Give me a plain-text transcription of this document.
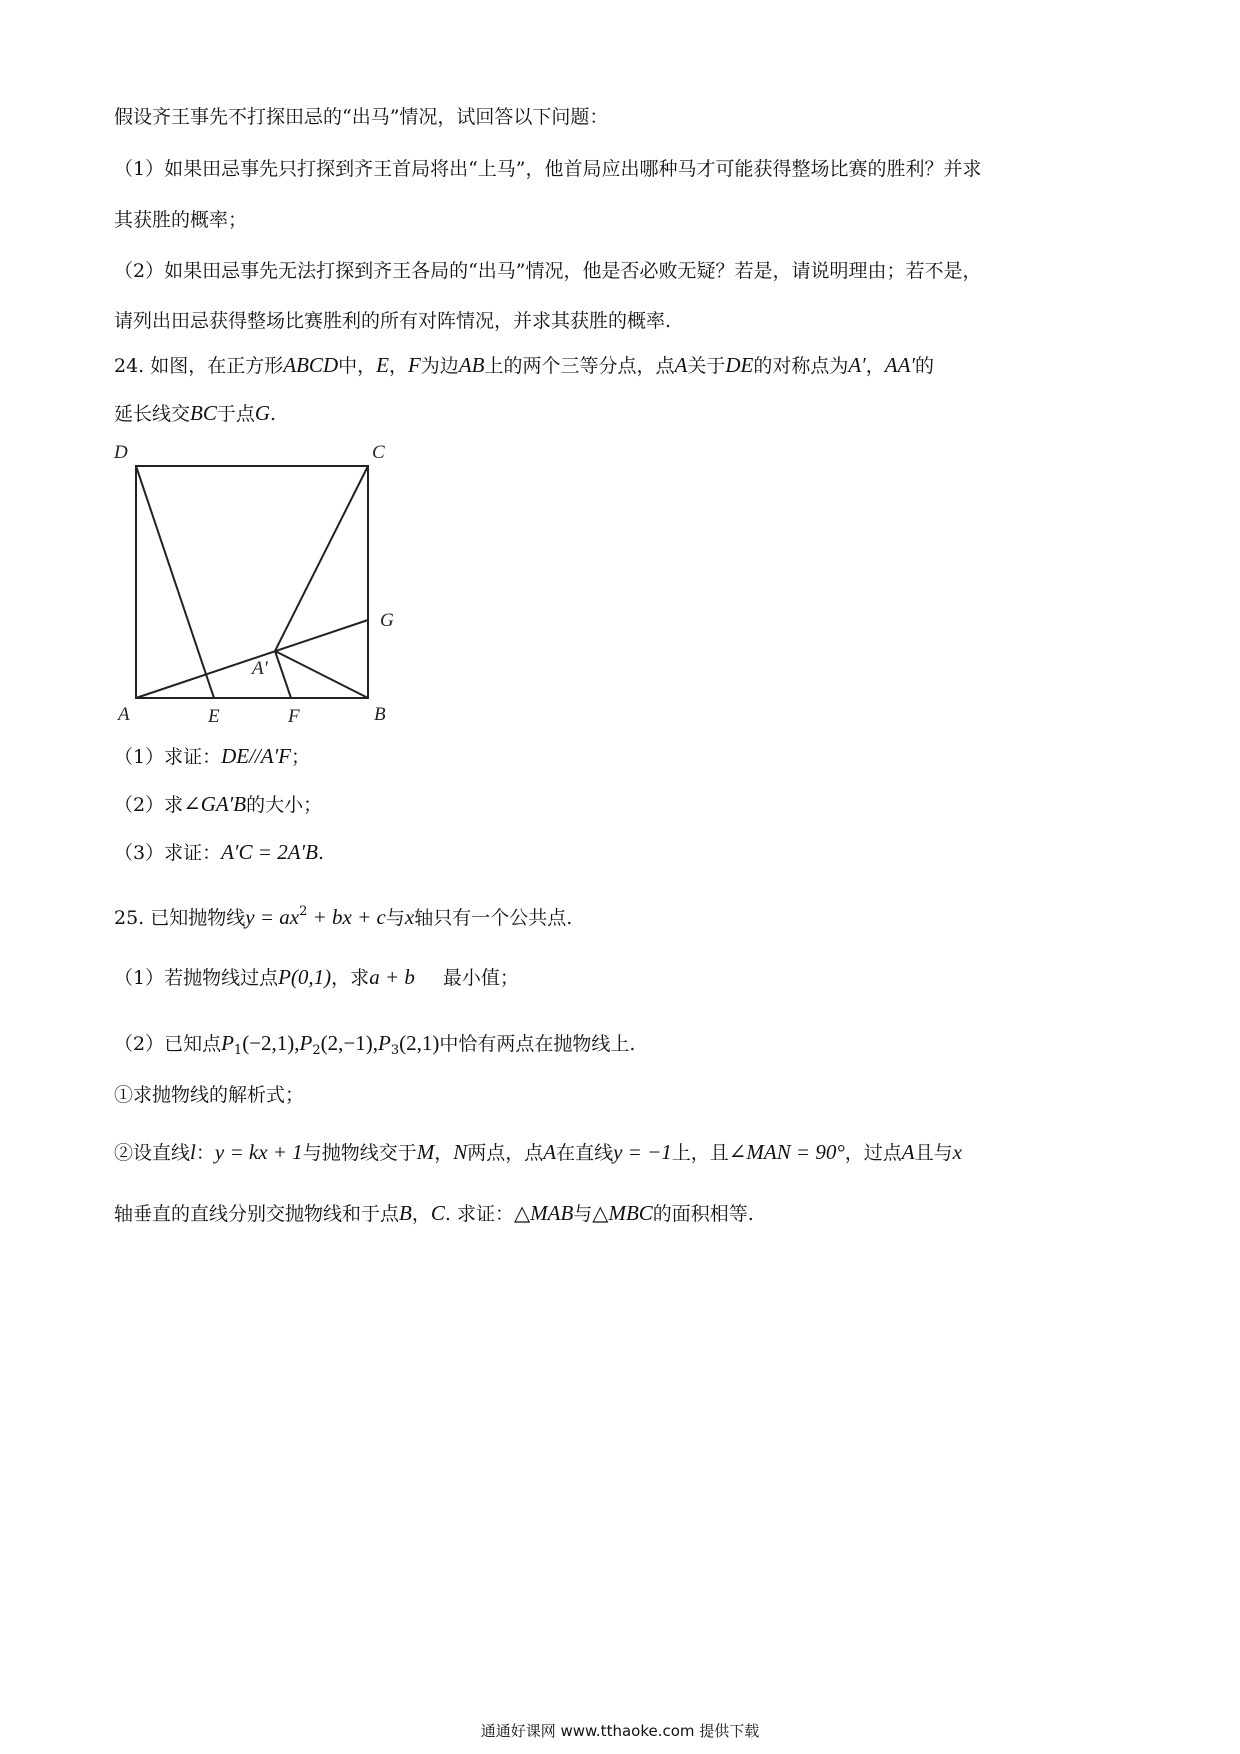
假设齐王事先不打探田忌的“出马”情况，试回答以下问题：
（1）如果田忌事先只打探到齐王首局将出“上马”，他首局应出哪种马才可能获得整场比赛的胜利？并求
其获胜的概率；
（2）如果田忌事先无法打探到齐王各局的“出马”情况，他是否必败无疑？若是，请说明理由；若不是，
请列出田忌获得整场比赛胜利的所有对阵情况，并求其获胜的概率.
24. 如图，在正方形ABCD中，E，F为边AB上的两个三等分点，点A关于DE的对称点为A′，AA′的
延长线交BC于点G.
D	C
G
A′
A	E	F	B
（1）求证：DE//A′F；
（2）求∠GA′B的大小；
（3）求证：A′C = 2A′B.
25. 已知抛物线$y = ax^2$ + bx + c与x轴只有一个公共点.
（1）若抛物线过点P(0,1)，求a + b 最小值；
（2）已知点$P_1(-2,1),P_2(2,-1),P_3(2,1)$中恰有两点在抛物线上.
①求抛物线的解析式；
②设直线l：y = kx + 1与抛物线交于M，N两点，点A在直线y = −1上，且∠MAN = 90°，过点A且与x
轴垂直的直线分别交抛物线和于点B，C. 求证：△MAB与△MBC的面积相等.
通通好课网 www.tthaoke.com 提供下载
